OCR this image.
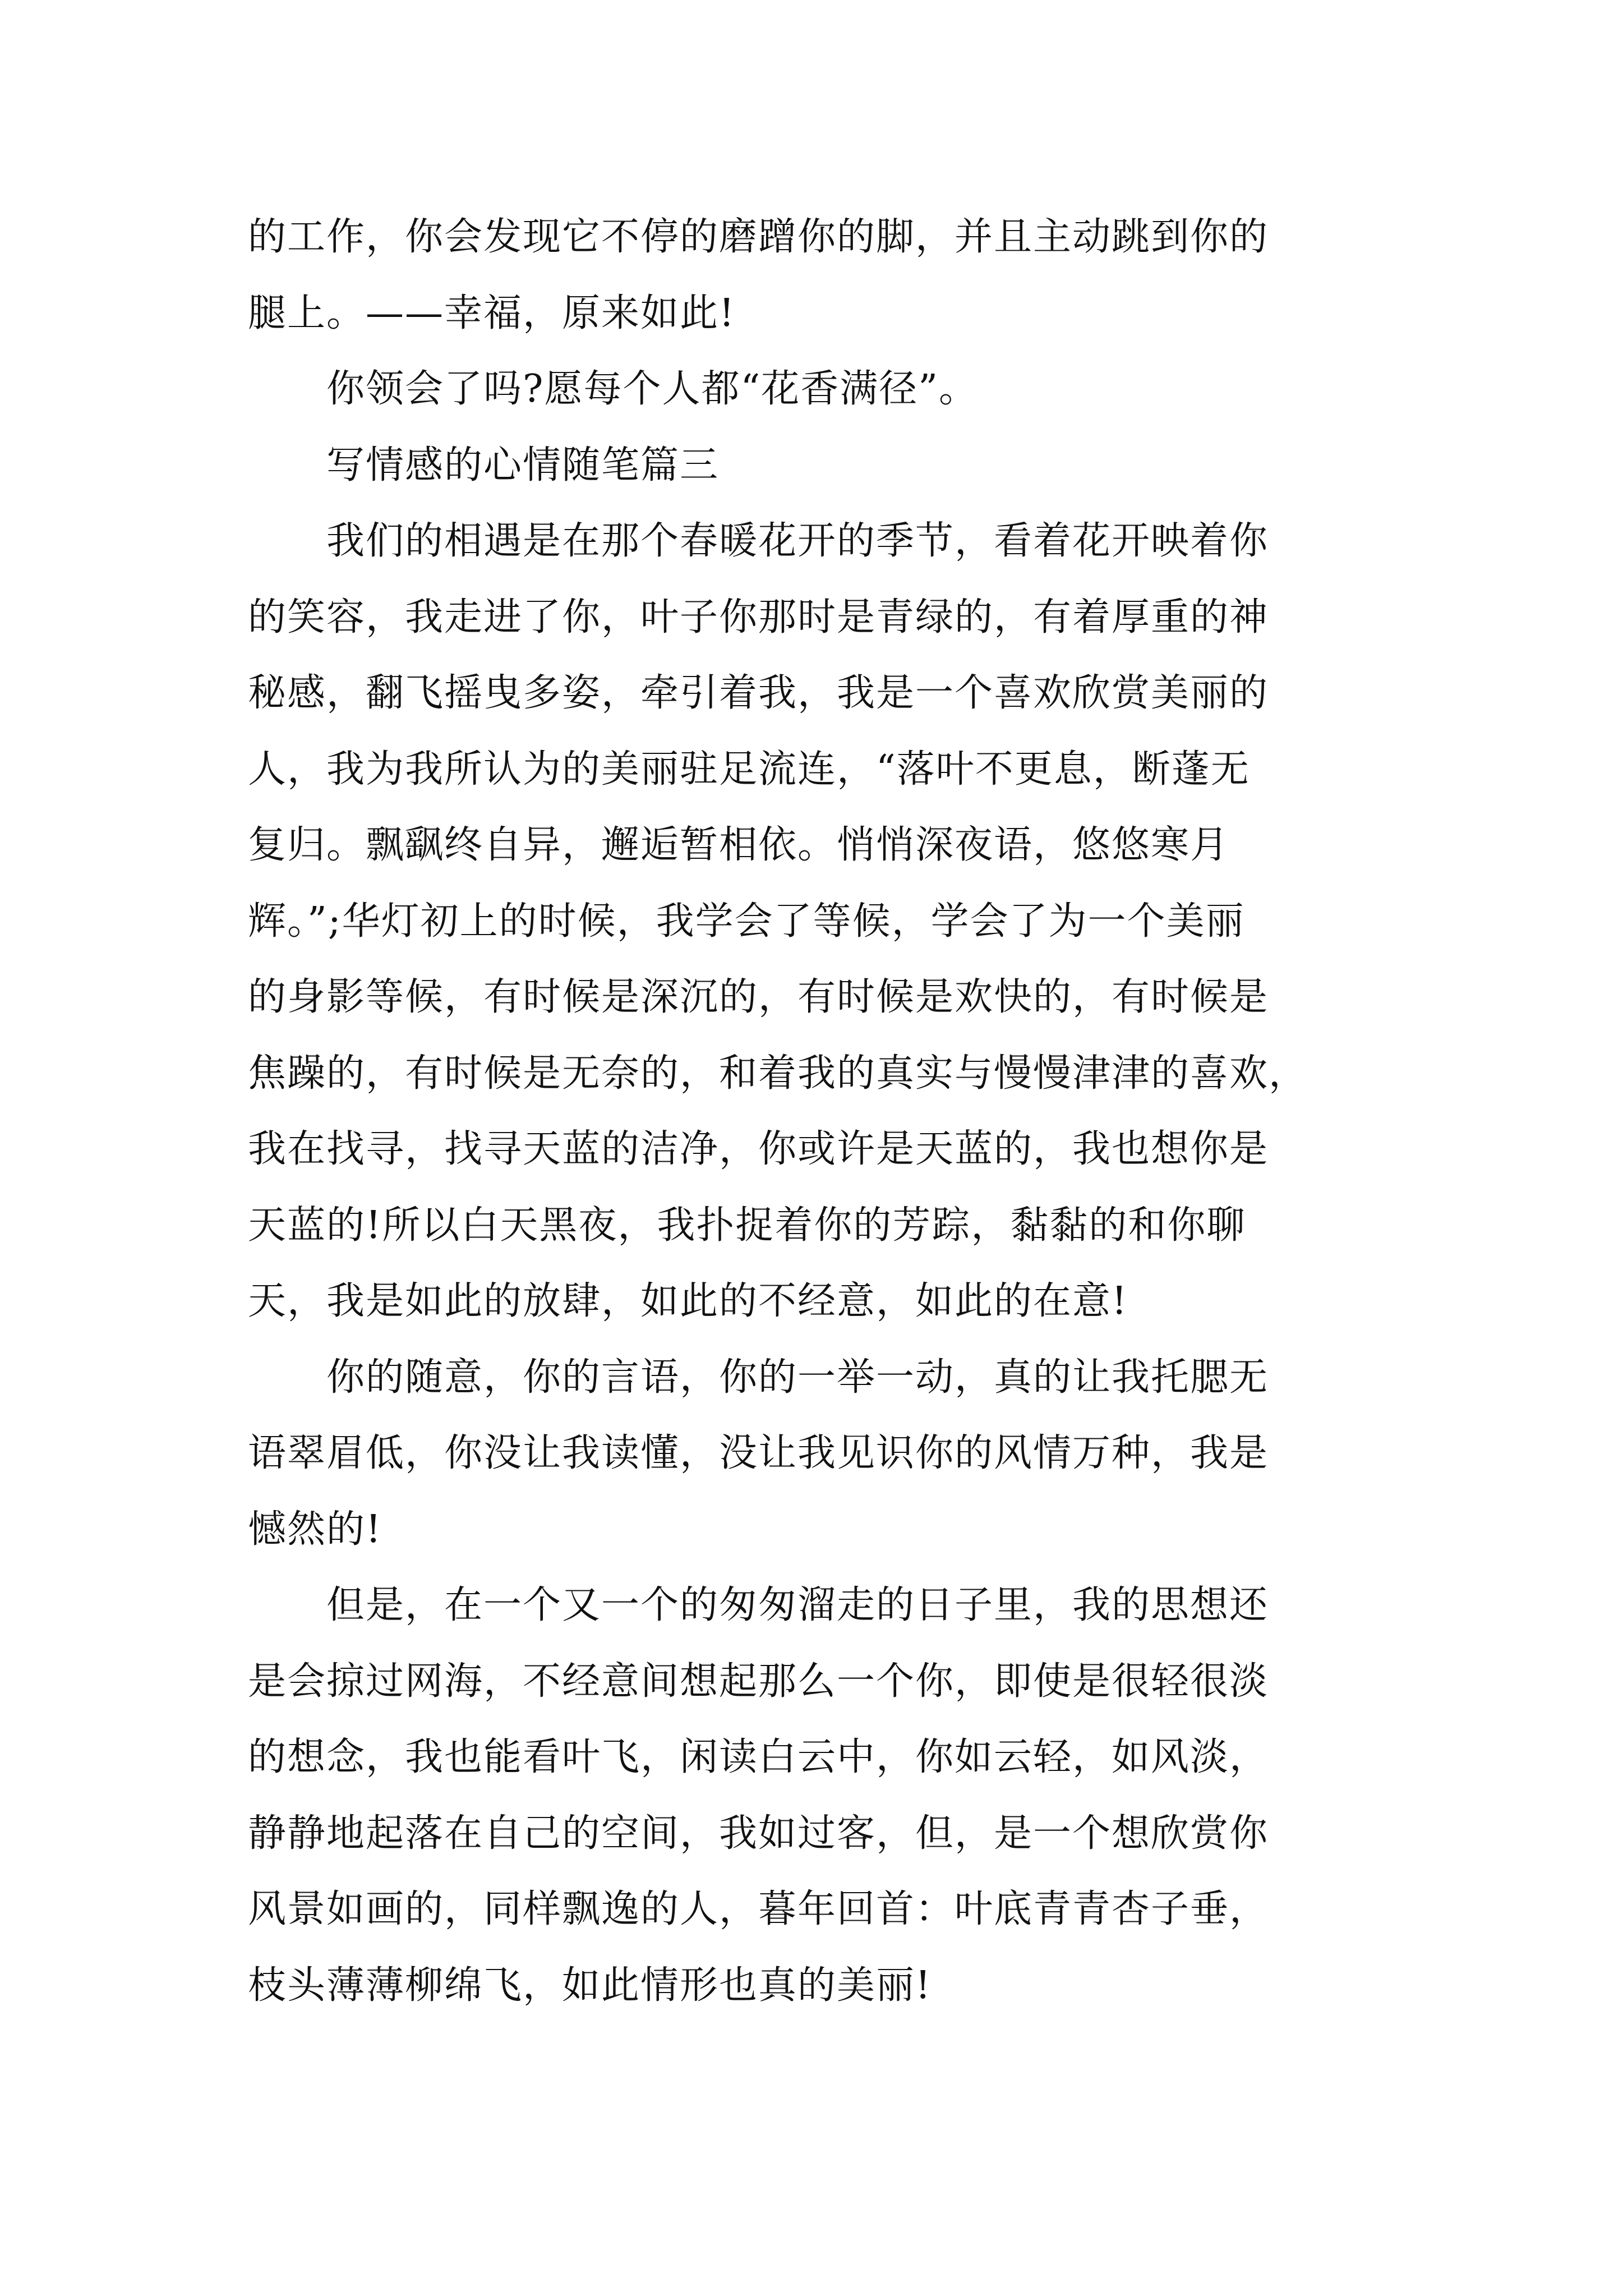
的工作，你会发现它不停的磨蹭你的脚，并且主动跳到你的

腿上。——幸福，原来如此!

　　你领会了吗?愿每个人都“花香满径”。

　　写情感的心情随笔篇三

　　我们的相遇是在那个春暖花开的季节，看着花开映着你

的笑容，我走进了你，叶子你那时是青绿的，有着厚重的神

秘感，翻飞摇曳多姿，牵引着我，我是一个喜欢欣赏美丽的

人，我为我所认为的美丽驻足流连，“落叶不更息，断蓬无

复归。飘飖终自异，邂逅暂相依。悄悄深夜语，悠悠寒月

辉。”;华灯初上的时候，我学会了等候，学会了为一个美丽

的身影等候，有时候是深沉的，有时候是欢快的，有时候是

焦躁的，有时候是无奈的，和着我的真实与慢慢津津的喜欢，

我在找寻，找寻天蓝的洁净，你或许是天蓝的，我也想你是

天蓝的!所以白天黑夜，我扑捉着你的芳踪，黏黏的和你聊

天，我是如此的放肆，如此的不经意，如此的在意!

　　你的随意，你的言语，你的一举一动，真的让我托腮无

语翠眉低，你没让我读懂，没让我见识你的风情万种，我是

憾然的!

　　但是，在一个又一个的匆匆溜走的日子里，我的思想还

是会掠过网海，不经意间想起那么一个你，即使是很轻很淡

的想念，我也能看叶飞，闲读白云中，你如云轻，如风淡，

静静地起落在自己的空间，我如过客，但，是一个想欣赏你

风景如画的，同样飘逸的人，暮年回首：叶底青青杏子垂，

枝头薄薄柳绵飞，如此情形也真的美丽!
